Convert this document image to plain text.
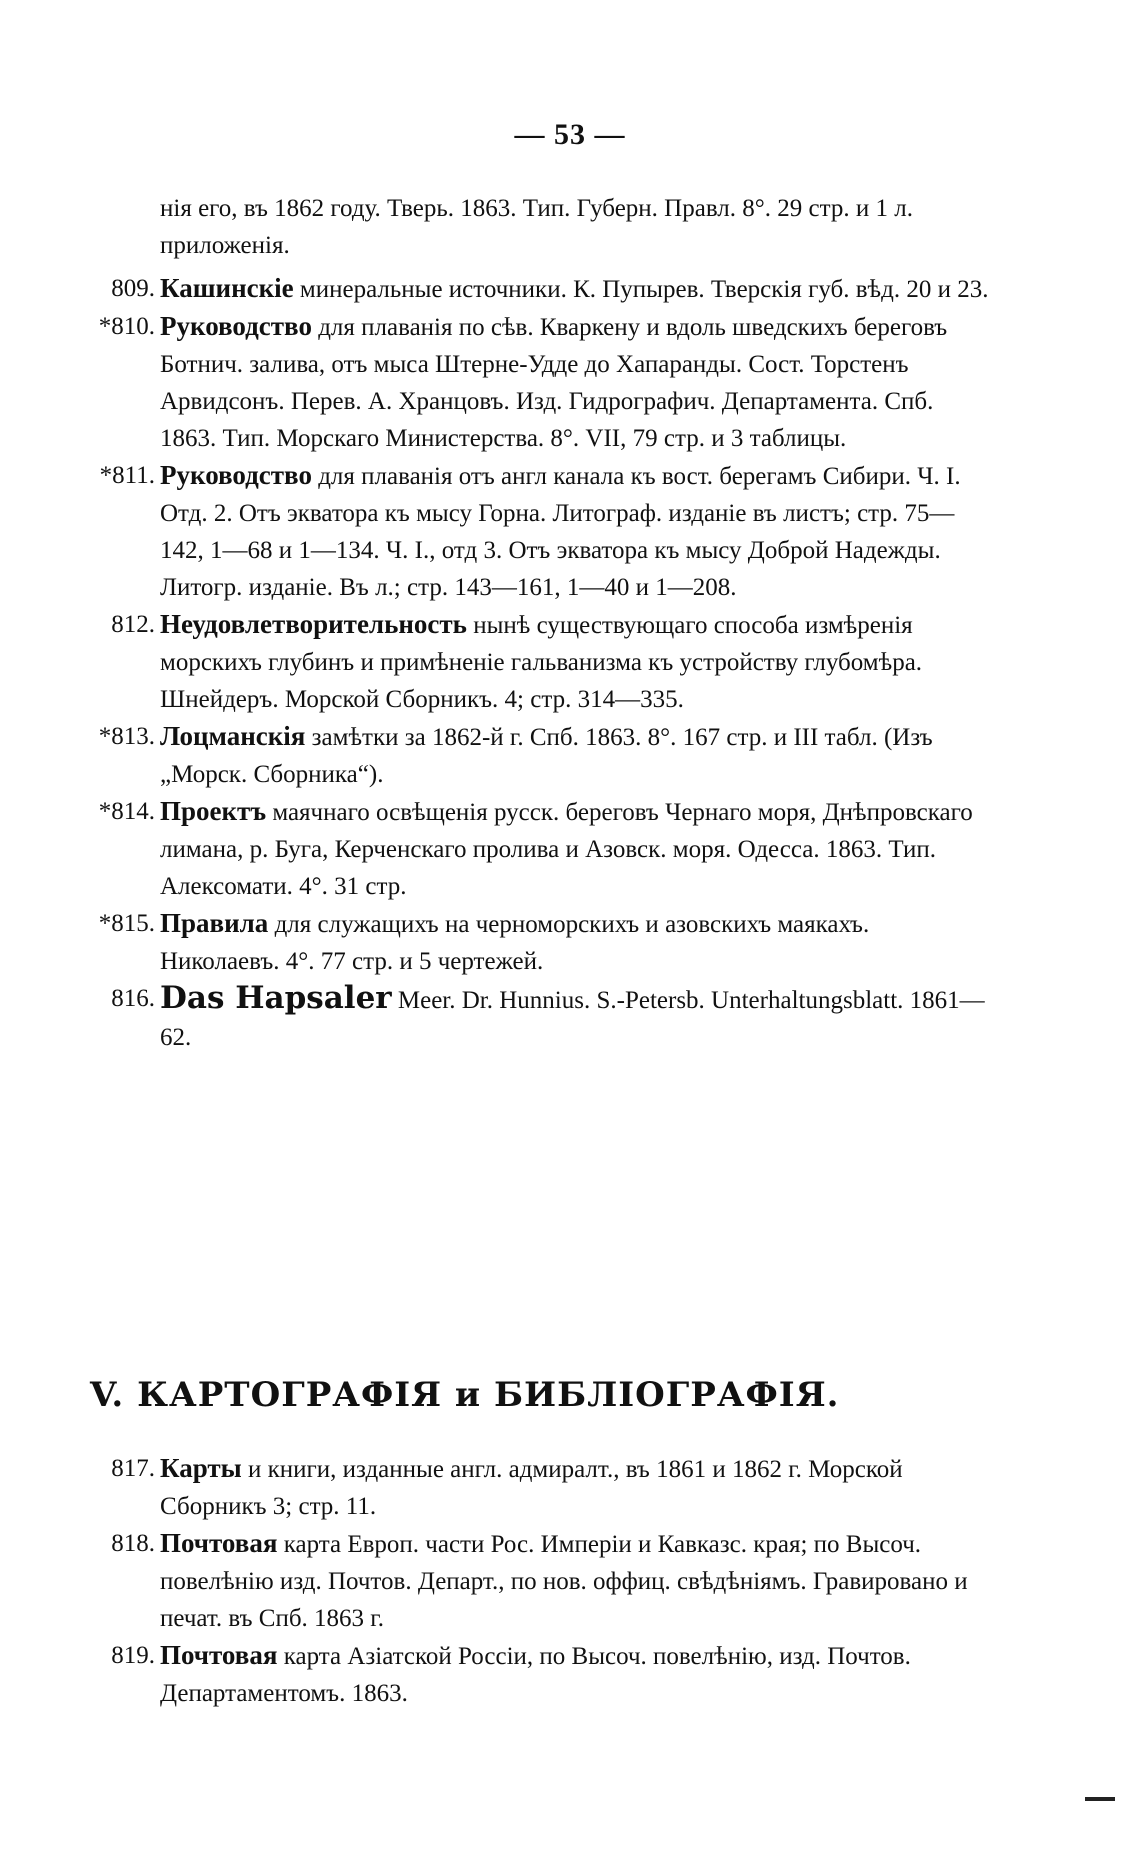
— 53 —
нія его, въ 1862 году. Тверь. 1863. Тип. Губерн. Правл. 8°. 29 стр. и 1 л. приложенія.
809. Кашинскіе минеральные источники. К. Пупырев. Тверскія губ. вѣд. 20 и 23.
*810. Руководство для плаванія по сѣв. Кваркену и вдоль шведскихъ береговъ Ботнич. залива, отъ мыса Штерне-Удде до Хапаранды. Сост. Торстенъ Арвидсонъ. Перев. А. Хранцовъ. Изд. Гидрографич. Департамента. Спб. 1863. Тип. Морскаго Министерства. 8°. VII, 79 стр. и 3 таблицы.
*811. Руководство для плаванія отъ англ канала къ вост. берегамъ Сибири. Ч. I. Отд. 2. Отъ экватора къ мысу Горна. Литограф. изданіе въ листъ; стр. 75—142, 1—68 и 1—134. Ч. I., отд 3. Отъ экватора къ мысу Доброй Надежды. Литогр. изданіе. Въ л.; стр. 143—161, 1—40 и 1—208.
812. Неудовлетворительность нынѣ существующаго способа измѣренія морскихъ глубинъ и примѣненіе гальванизма къ устройству глубомѣра. Шнейдеръ. Морской Сборникъ. 4; стр. 314—335.
*813. Лоцманскія замѣтки за 1862-й г. Спб. 1863. 8°. 167 стр. и III табл. (Изъ „Морск. Сборника“).
*814. Проектъ маячнаго освѣщенія русск. береговъ Чернаго моря, Днѣпровскаго лимана, р. Буга, Керченскаго пролива и Азовск. моря. Одесса. 1863. Тип. Алексомати. 4°. 31 стр.
*815. Правила для служащихъ на черноморскихъ и азовскихъ маякахъ. Николаевъ. 4°. 77 стр. и 5 чертежей.
816. Das Hapsaler Meer. Dr. Hunnius. S.-Petersb. Unterhaltungsblatt. 1861—62.
V. КАРТОГРАФІЯ и БИБЛІОГРАФІЯ.
817. Карты и книги, изданные англ. адмиралт., въ 1861 и 1862 г. Морской Сборникъ 3; стр. 11.
818. Почтовая карта Европ. части Рос. Имперіи и Кавказс. края; по Высоч. повелѣнію изд. Почтов. Департ., по нов. оффиц. свѣдѣніямъ. Гравировано и печат. въ Спб. 1863 г.
819. Почтовая карта Азіатской Россіи, по Высоч. повелѣнію, изд. Почтов. Департаментомъ. 1863.
